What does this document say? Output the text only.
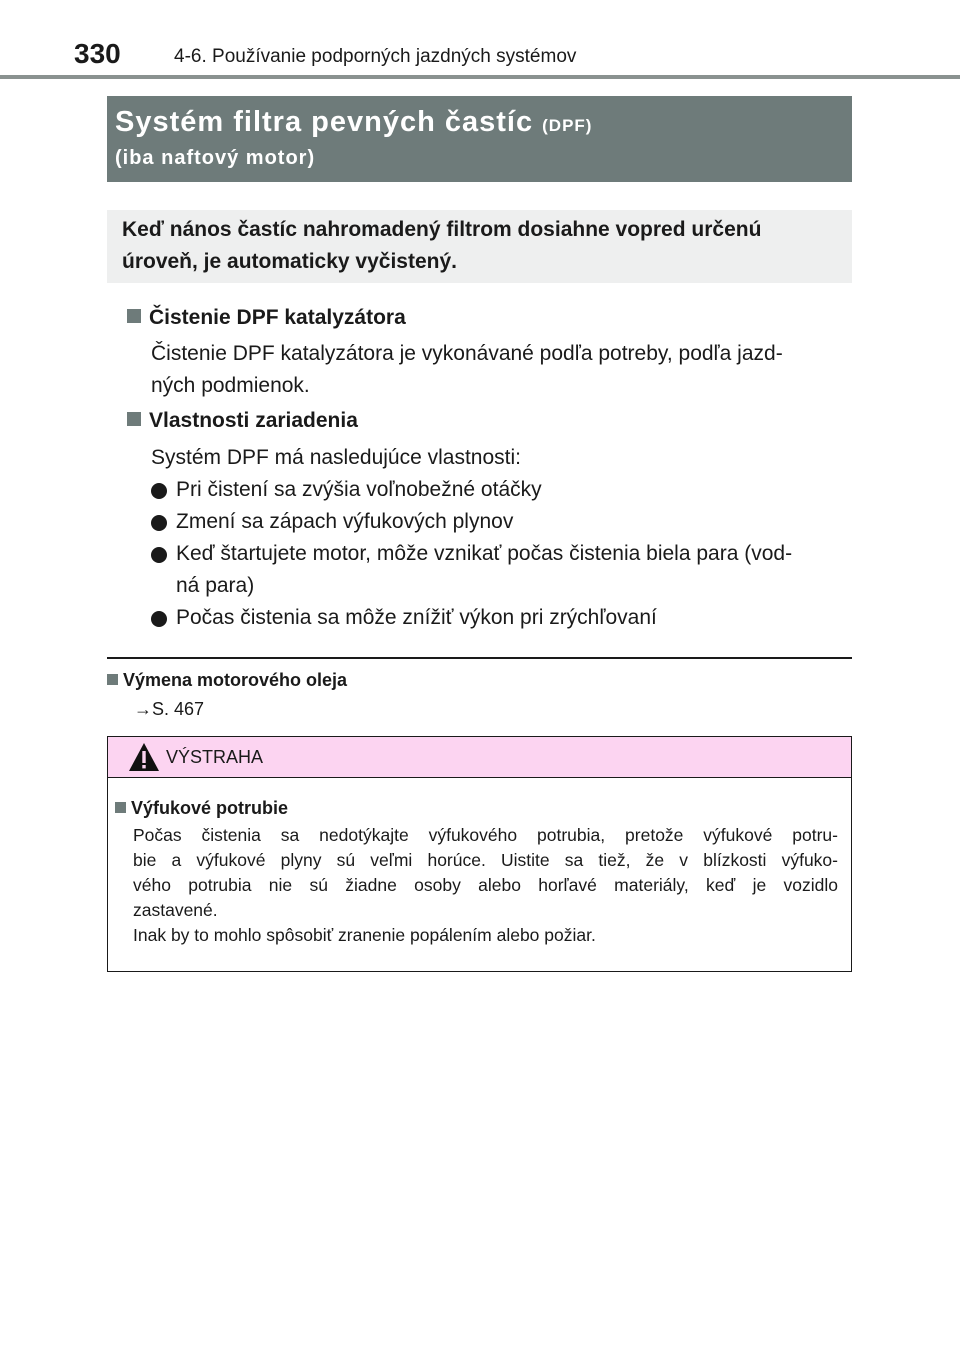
330	4-6. Používanie podporných jazdných systémov
Systém filtra pevných častíc (DPF)
(iba naftový motor)
Keď nános častíc nahromadený filtrom dosiahne vopred určenú
úroveň, je automaticky vyčistený.
Čistenie DPF katalyzátora
Čistenie DPF katalyzátora je vykonávané podľa potreby, podľa jazd-
ných podmienok.
Vlastnosti zariadenia
Systém DPF má nasledujúce vlastnosti:
Pri čistení sa zvýšia voľnobežné otáčky
Zmení sa zápach výfukových plynov
Keď štartujete motor, môže vznikať počas čistenia biela para (vod-
ná para)
Počas čistenia sa môže znížiť výkon pri zrýchľovaní
Výmena motorového oleja
→S. 467
VÝSTRAHA
Výfukové potrubie
Počas čistenia sa nedotýkajte výfukového potrubia, pretože výfukové potru-
bie a výfukové plyny sú veľmi horúce. Uistite sa tiež, že v blízkosti výfuko-
vého potrubia nie sú žiadne osoby alebo horľavé materiály, keď je vozidlo
zastavené.
Inak by to mohlo spôsobiť zranenie popálením alebo požiar.
